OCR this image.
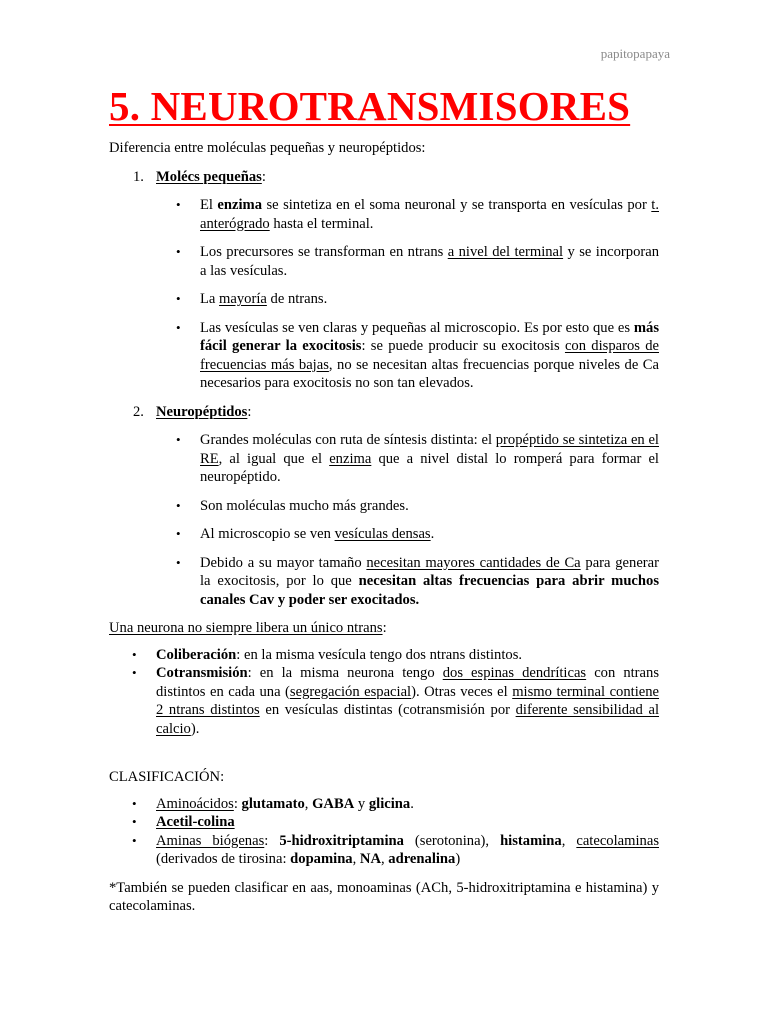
papitopapaya
5. NEUROTRANSMISORES

Diferencia entre moléculas pequeñas y neuropéptidos:

1. Molécs pequeñas:
• El enzima se sintetiza en el soma neuronal y se transporta en vesículas por t. anterógrado hasta el terminal.
• Los precursores se transforman en ntrans a nivel del terminal y se incorporan a las vesículas.
• La mayoría de ntrans.
• Las vesículas se ven claras y pequeñas al microscopio. Es por esto que es más fácil generar la exocitosis: se puede producir su exocitosis con disparos de frecuencias más bajas, no se necesitan altas frecuencias porque niveles de Ca necesarios para exocitosis no son tan elevados.
2. Neuropéptidos:
• Grandes moléculas con ruta de síntesis distinta: el propéptido se sintetiza en el RE, al igual que el enzima que a nivel distal lo romperá para formar el neuropéptido.
• Son moléculas mucho más grandes.
• Al microscopio se ven vesículas densas.
• Debido a su mayor tamaño necesitan mayores cantidades de Ca para generar la exocitosis, por lo que necesitan altas frecuencias para abrir muchos canales Cav y poder ser exocitados.

Una neurona no siempre libera un único ntrans:

• Coliberación: en la misma vesícula tengo dos ntrans distintos.
• Cotransmisión: en la misma neurona tengo dos espinas dendríticas con ntrans distintos en cada una (segregación espacial). Otras veces el mismo terminal contiene 2 ntrans distintos en vesículas distintas (cotransmisión por diferente sensibilidad al calcio).

CLASIFICACIÓN:

• Aminoácidos: glutamato, GABA y glicina.
• Acetil-colina
• Aminas biógenas: 5-hidroxitriptamina (serotonina), histamina, catecolaminas (derivados de tirosina: dopamina, NA, adrenalina)

*También se pueden clasificar en aas, monoaminas (ACh, 5-hidroxitriptamina e histamina) y catecolaminas.
